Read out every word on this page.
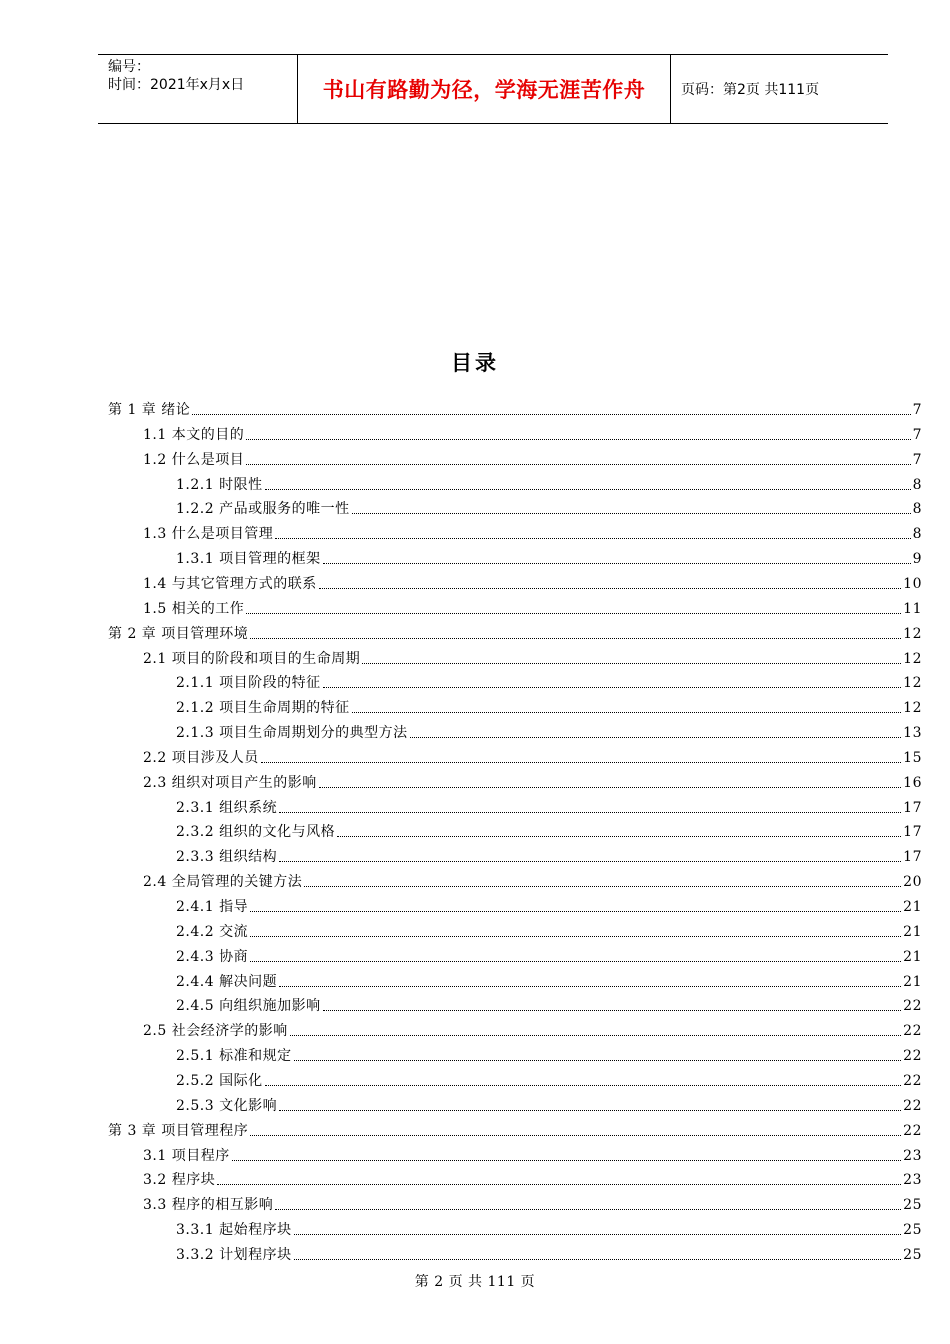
编号：
时间：2021年x月x日	书山有路勤为径，学海无涯苦作舟	页码：第2页 共111页
目录
第 1 章 绪论	7
1.1 本文的目的	7
1.2 什么是项目	7
1.2.1 时限性	8
1.2.2 产品或服务的唯一性	8
1.3 什么是项目管理	8
1.3.1 项目管理的框架	9
1.4 与其它管理方式的联系	10
1.5 相关的工作	11
第 2 章 项目管理环境	12
2.1 项目的阶段和项目的生命周期	12
2.1.1 项目阶段的特征	12
2.1.2 项目生命周期的特征	12
2.1.3 项目生命周期划分的典型方法	13
2.2 项目涉及人员	15
2.3 组织对项目产生的影响	16
2.3.1 组织系统	17
2.3.2 组织的文化与风格	17
2.3.3 组织结构	17
2.4 全局管理的关键方法	20
2.4.1 指导	21
2.4.2 交流	21
2.4.3 协商	21
2.4.4 解决问题	21
2.4.5 向组织施加影响	22
2.5 社会经济学的影响	22
2.5.1 标准和规定	22
2.5.2 国际化	22
2.5.3 文化影响	22
第 3 章 项目管理程序	22
3.1 项目程序	23
3.2 程序块	23
3.3 程序的相互影响	25
3.3.1 起始程序块	25
3.3.2 计划程序块	25
第 2 页 共 111 页
